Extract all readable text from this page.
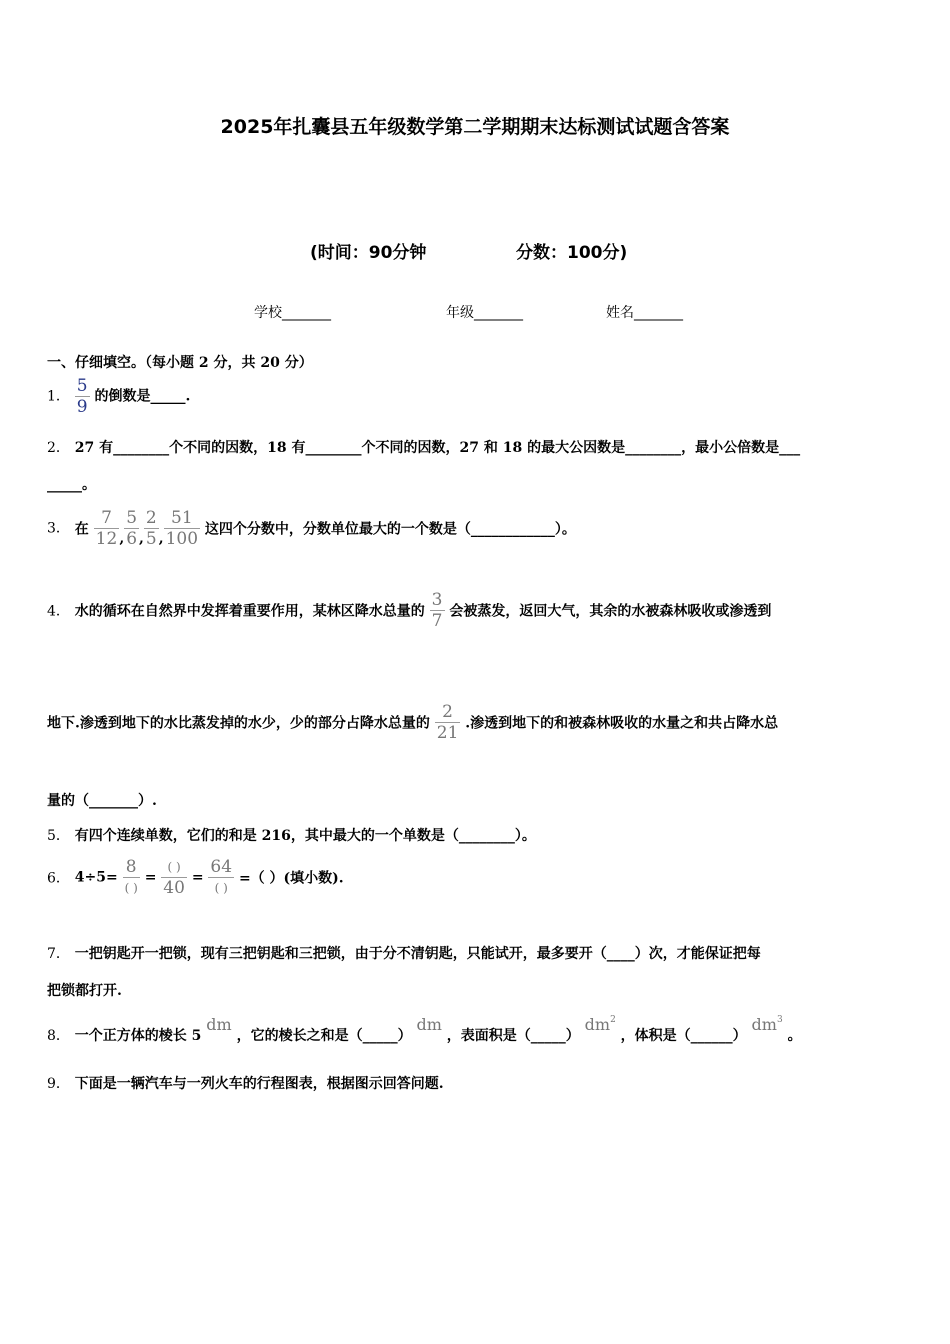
2025年扎囊县五年级数学第二学期期末达标测试试题含答案
(时间：90分钟	分数：100分)
学校_______	年级_______	姓名_______
一、仔细填空。（每小题 2 分，共 20 分）
1． $\frac{5}{9}$ 的倒数是_____.
2． 27 有________个不同的因数，18 有________个不同的因数，27 和 18 的最大公因数是________，最小公倍数是___
_____。
3． 在 $\frac{7}{12}$ , $\frac{5}{6}$ , $\frac{2}{5}$ , $\frac{51}{100}$ 这四个分数中，分数单位最大的一个数是（____________）。
4． 水的循环在自然界中发挥着重要作用，某林区降水总量的 $\frac{3}{7}$ 会被蒸发，返回大气，其余的水被森林吸收或渗透到
地下.渗透到地下的水比蒸发掉的水少，少的部分占降水总量的 $\frac{2}{21}$ .渗透到地下的和被森林吸收的水量之和共占降水总
量的（_______）.
5． 有四个连续单数，它们的和是 216，其中最大的一个单数是（________）。
6． $4\div 5= \frac{8}{( )} = \frac{( )}{40} = \frac{64}{( )}$ =（ ）(填小数).
7． 一把钥匙开一把锁，现有三把钥匙和三把锁，由于分不清钥匙，只能试开，最多要开（____）次，才能保证把每
把锁都打开.
8． 一个正方体的棱长 5 dm ，它的棱长之和是（_____） dm ，表面积是（_____） $dm^2$ ，体积是（______） $dm^3$ 。
9． 下面是一辆汽车与一列火车的行程图表，根据图示回答问题.
